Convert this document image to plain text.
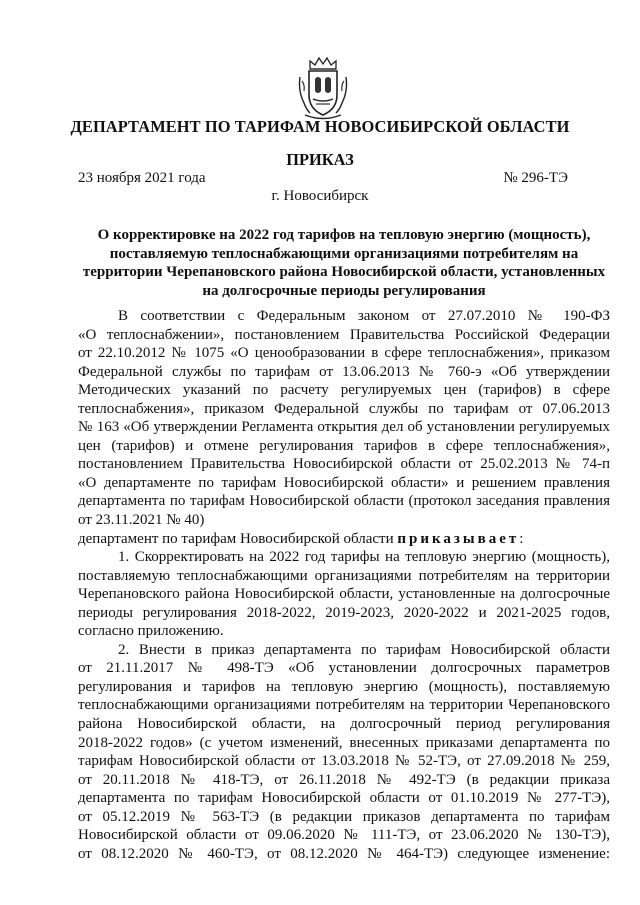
ДЕПАРТАМЕНТ ПО ТАРИФАМ НОВОСИБИРСКОЙ ОБЛАСТИ
ПРИКАЗ
23 ноября 2021 года	№ 296-ТЭ
г. Новосибирск
О корректировке на 2022 год тарифов на тепловую энергию (мощность),
поставляемую теплоснабжающими организациями потребителям на
территории Черепановского района Новосибирской области, установленных
на долгосрочные периоды регулирования
В соответствии с Федеральным законом от 27.07.2010 № 190-ФЗ
«О теплоснабжении», постановлением Правительства Российской Федерации
от 22.10.2012 № 1075 «О ценообразовании в сфере теплоснабжения», приказом
Федеральной службы по тарифам от 13.06.2013 № 760-э «Об утверждении
Методических указаний по расчету регулируемых цен (тарифов) в сфере
теплоснабжения», приказом Федеральной службы по тарифам от 07.06.2013
№ 163 «Об утверждении Регламента открытия дел об установлении регулируемых
цен (тарифов) и отмене регулирования тарифов в сфере теплоснабжения»,
постановлением Правительства Новосибирской области от 25.02.2013 № 74-п
«О департаменте по тарифам Новосибирской области» и решением правления
департамента по тарифам Новосибирской области (протокол заседания правления
от 23.11.2021 № 40)
департамент по тарифам Новосибирской области приказывает:
1. Скорректировать на 2022 год тарифы на тепловую энергию (мощность),
поставляемую теплоснабжающими организациями потребителям на территории
Черепановского района Новосибирской области, установленные на долгосрочные
периоды регулирования 2018-2022, 2019-2023, 2020-2022 и 2021-2025 годов,
согласно приложению.
2. Внести в приказ департамента по тарифам Новосибирской области
от 21.11.2017 № 498-ТЭ «Об установлении долгосрочных параметров
регулирования и тарифов на тепловую энергию (мощность), поставляемую
теплоснабжающими организациями потребителям на территории Черепановского
района Новосибирской области, на долгосрочный период регулирования
2018-2022 годов» (с учетом изменений, внесенных приказами департамента по
тарифам Новосибирской области от 13.03.2018 № 52-ТЭ, от 27.09.2018 № 259,
от 20.11.2018 № 418-ТЭ, от 26.11.2018 № 492-ТЭ (в редакции приказа
департамента по тарифам Новосибирской области от 01.10.2019 № 277-ТЭ),
от 05.12.2019 № 563-ТЭ (в редакции приказов департамента по тарифам
Новосибирской области от 09.06.2020 № 111-ТЭ, от 23.06.2020 № 130-ТЭ),
от 08.12.2020 № 460-ТЭ, от 08.12.2020 № 464-ТЭ) следующее изменение:
